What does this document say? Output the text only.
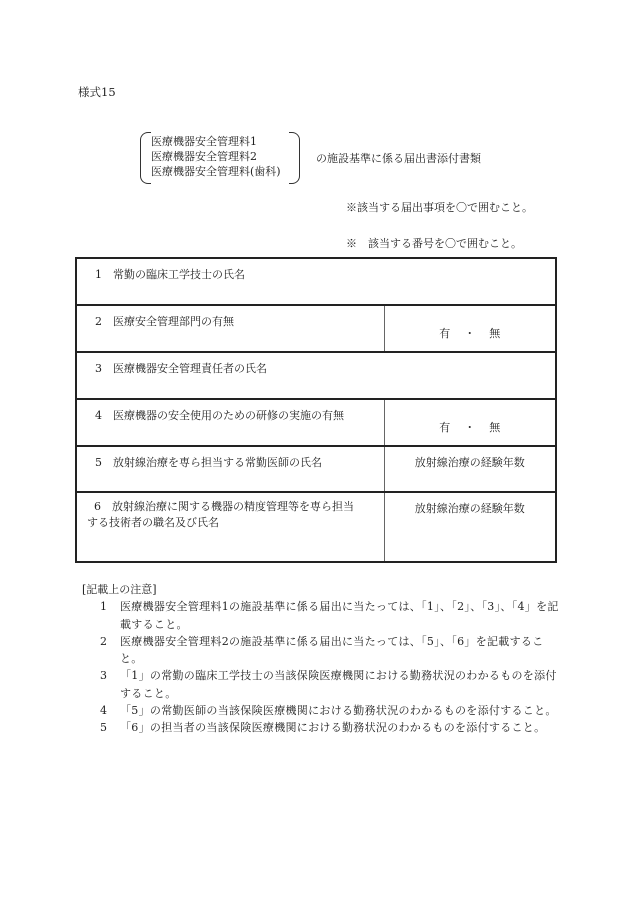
様式15
医療機器安全管理料1
医療機器安全管理料2
医療機器安全管理料(歯科)
の施設基準に係る届出書添付書類
※該当する届出事項を〇で囲むこと。
※　該当する番号を〇で囲むこと。
1　 常勤の臨床工学技士の氏名	
2　 医療安全管理部門の有無	有 ・ 無

3　 医療機器安全管理責任者の氏名	
4　 医療機器の安全使用のための研修の実施の有無	有 ・ 無

5　 放射線治療を専ら担当する常勤医師の氏名	放射線治療の経験年数

6　 放射線治療に関する機器の精度管理等を専ら担当
する技術者の職名及び氏名	放射線治療の経験年数
[記載上の注意]
1 医療機器安全管理料1の施設基準に係る届出に当たっては、「1」、「2」、「3」、「4」を記載すること。
2 医療機器安全管理料2の施設基準に係る届出に当たっては、「5」、「6」を記載すること。
3 「1」の常勤の臨床工学技士の当該保険医療機関における勤務状況のわかるものを添付すること。
4 「5」の常勤医師の当該保険医療機関における勤務状況のわかるものを添付すること。
5 「6」の担当者の当該保険医療機関における勤務状況のわかるものを添付すること。
